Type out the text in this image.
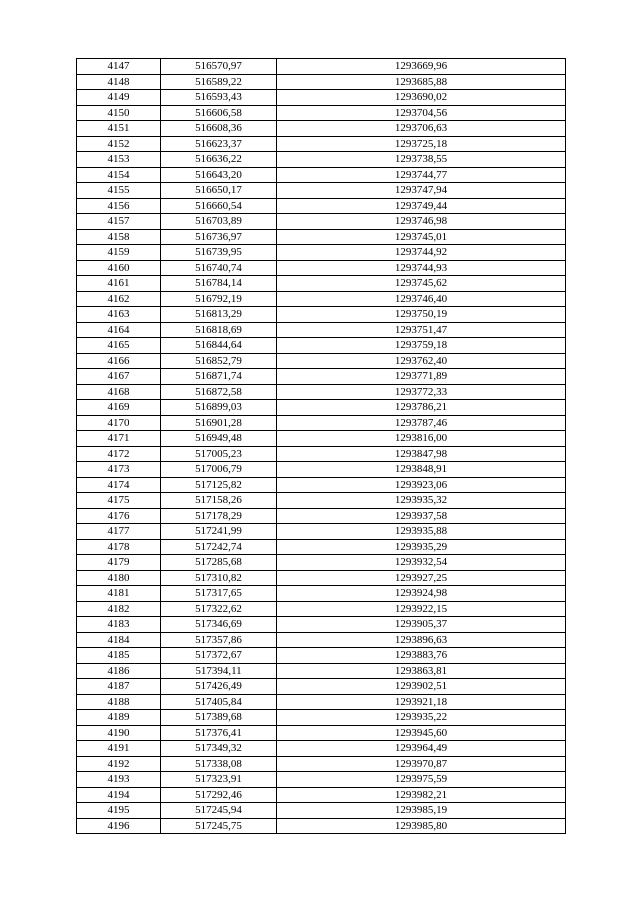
4147	516570,97	1293669,96
4148	516589,22	1293685,88
4149	516593,43	1293690,02
4150	516606,58	1293704,56
4151	516608,36	1293706,63
4152	516623,37	1293725,18
4153	516636,22	1293738,55
4154	516643,20	1293744,77
4155	516650,17	1293747,94
4156	516660,54	1293749,44
4157	516703,89	1293746,98
4158	516736,97	1293745,01
4159	516739,95	1293744,92
4160	516740,74	1293744,93
4161	516784,14	1293745,62
4162	516792,19	1293746,40
4163	516813,29	1293750,19
4164	516818,69	1293751,47
4165	516844,64	1293759,18
4166	516852,79	1293762,40
4167	516871,74	1293771,89
4168	516872,58	1293772,33
4169	516899,03	1293786,21
4170	516901,28	1293787,46
4171	516949,48	1293816,00
4172	517005,23	1293847,98
4173	517006,79	1293848,91
4174	517125,82	1293923,06
4175	517158,26	1293935,32
4176	517178,29	1293937,58
4177	517241,99	1293935,88
4178	517242,74	1293935,29
4179	517285,68	1293932,54
4180	517310,82	1293927,25
4181	517317,65	1293924,98
4182	517322,62	1293922,15
4183	517346,69	1293905,37
4184	517357,86	1293896,63
4185	517372,67	1293883,76
4186	517394,11	1293863,81
4187	517426,49	1293902,51
4188	517405,84	1293921,18
4189	517389,68	1293935,22
4190	517376,41	1293945,60
4191	517349,32	1293964,49
4192	517338,08	1293970,87
4193	517323,91	1293975,59
4194	517292,46	1293982,21
4195	517245,94	1293985,19
4196	517245,75	1293985,80
